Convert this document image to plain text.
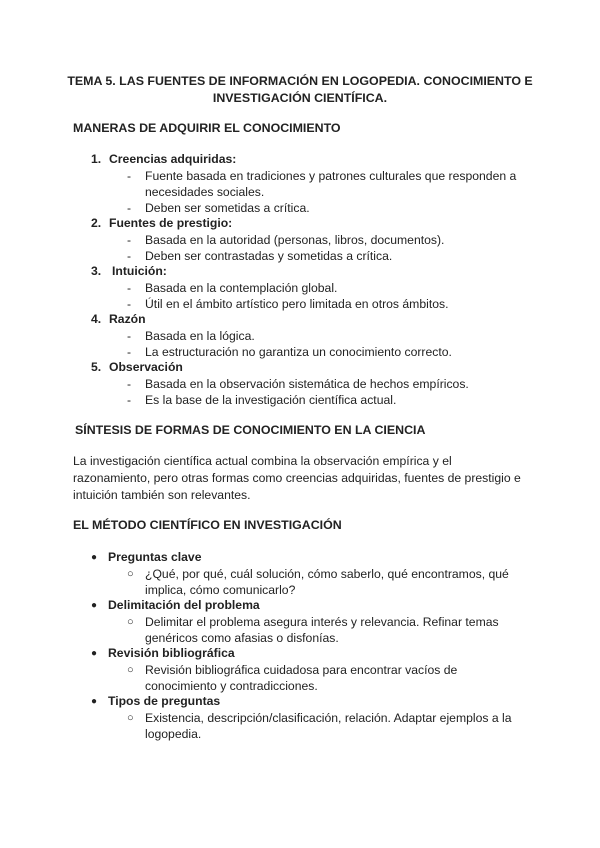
TEMA 5. LAS FUENTES DE INFORMACIÓN EN LOGOPEDIA. CONOCIMIENTO E INVESTIGACIÓN CIENTÍFICA.
MANERAS DE ADQUIRIR EL CONOCIMIENTO
1. Creencias adquiridas:
- Fuente basada en tradiciones y patrones culturales que responden a necesidades sociales.
- Deben ser sometidas a crítica.
2. Fuentes de prestigio:
- Basada en la autoridad (personas, libros, documentos).
- Deben ser contrastadas y sometidas a crítica.
3. Intuición:
- Basada en la contemplación global.
- Útil en el ámbito artístico pero limitada en otros ámbitos.
4. Razón
- Basada en la lógica.
- La estructuración no garantiza un conocimiento correcto.
5. Observación
- Basada en la observación sistemática de hechos empíricos.
- Es la base de la investigación científica actual.
SÍNTESIS DE FORMAS DE CONOCIMIENTO EN LA CIENCIA
La investigación científica actual combina la observación empírica y el razonamiento, pero otras formas como creencias adquiridas, fuentes de prestigio e intuición también son relevantes.
EL MÉTODO CIENTÍFICO EN INVESTIGACIÓN
● Preguntas clave
○ ¿Qué, por qué, cuál solución, cómo saberlo, qué encontramos, qué implica, cómo comunicarlo?
● Delimitación del problema
○ Delimitar el problema asegura interés y relevancia. Refinar temas genéricos como afasias o disfonías.
● Revisión bibliográfica
○ Revisión bibliográfica cuidadosa para encontrar vacíos de conocimiento y contradicciones.
● Tipos de preguntas
○ Existencia, descripción/clasificación, relación. Adaptar ejemplos a la logopedia.
